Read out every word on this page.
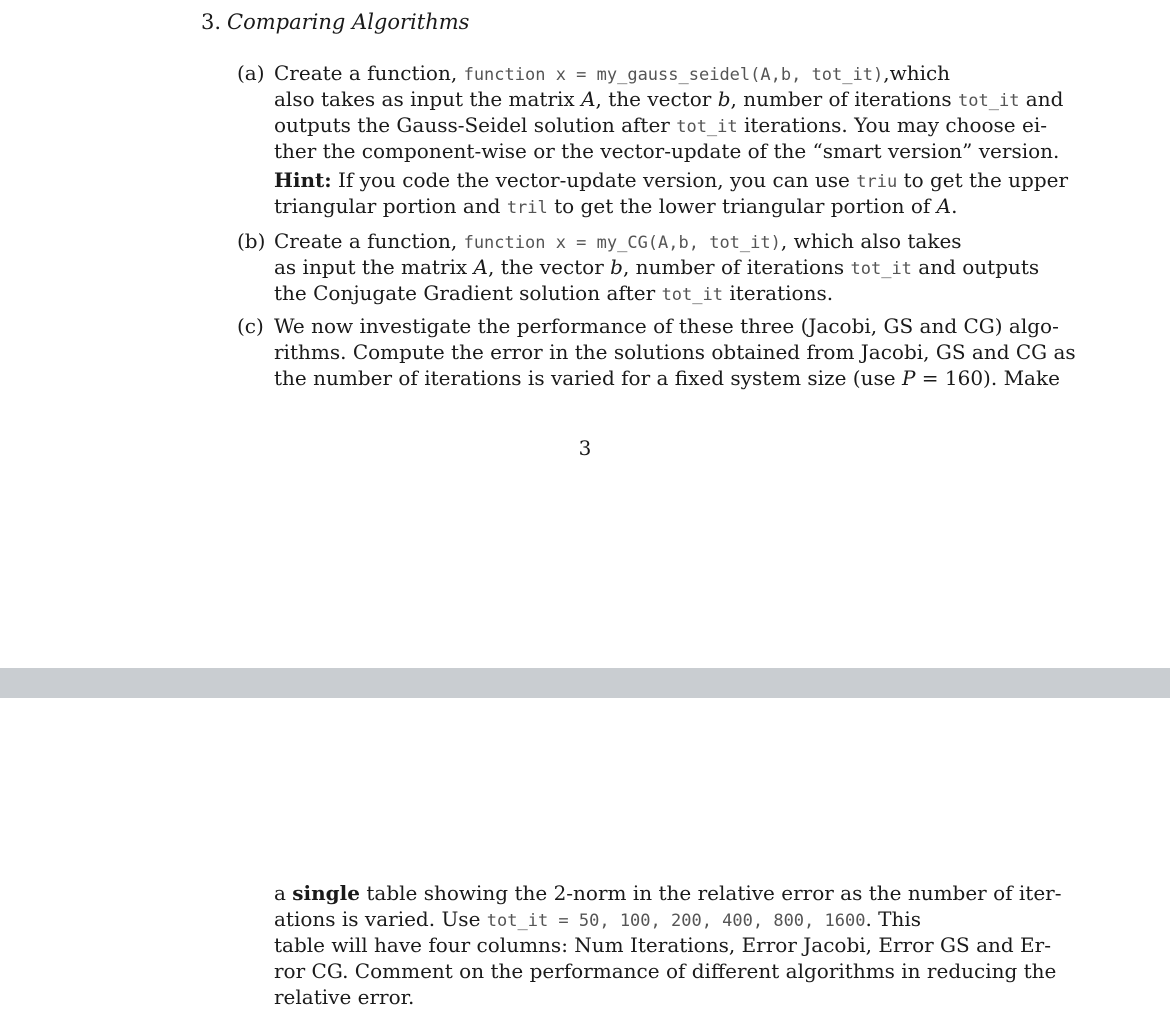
3. Comparing Algorithms
(a) Create a function, function x = my_gauss_seidel(A,b, tot_it),which
also takes as input the matrix A, the vector b, number of iterations tot_it and
outputs the Gauss-Seidel solution after tot_it iterations. You may choose ei-
ther the component-wise or the vector-update of the “smart version” version.
Hint: If you code the vector-update version, you can use triu to get the upper
triangular portion and tril to get the lower triangular portion of A.
(b) Create a function, function x = my_CG(A,b, tot_it), which also takes
as input the matrix A, the vector b, number of iterations tot_it and outputs
the Conjugate Gradient solution after tot_it iterations.
(c) We now investigate the performance of these three (Jacobi, GS and CG) algo-
rithms. Compute the error in the solutions obtained from Jacobi, GS and CG as
the number of iterations is varied for a fixed system size (use P = 160). Make
3
a single table showing the 2-norm in the relative error as the number of iter-
ations is varied. Use tot_it = 50, 100, 200, 400, 800, 1600. This
table will have four columns: Num Iterations, Error Jacobi, Error GS and Er-
ror CG. Comment on the performance of different algorithms in reducing the
relative error.
